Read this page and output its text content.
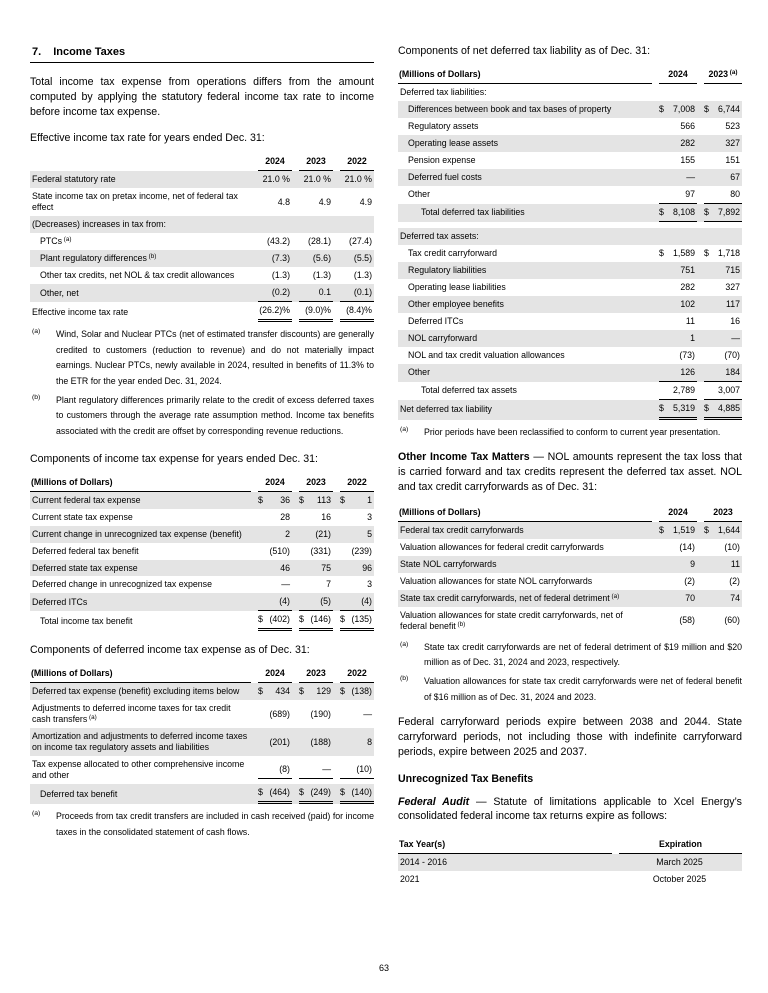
7. Income Taxes

Total income tax expense from operations differs from the amount computed by applying the statutory federal income tax rate to income before income tax expense.

Effective income tax rate for years ended Dec. 31:

	2024	2023	2022

Federal statutory rate	21.0 %	21.0 %	21.0 %

State income tax on pretax income, net of federal tax effect	4.8	4.9	4.9

(Decreases) increases in tax from:			
PTCs $^{(a)}$	(43.2)	(28.1)	(27.4)

Plant regulatory differences $^{(b)}$	(7.3)	(5.6)	(5.5)

Other tax credits, net NOL & tax credit allowances	(1.3)	(1.3)	(1.3)

Other, net	(0.2)	0.1	(0.1)

Effective income tax rate	(26.2)%	(9.0)%	(8.4)%
(a)	Wind, Solar and Nuclear PTCs (net of estimated transfer discounts) are generally credited to customers (reduction to revenue) and do not materially impact earnings. Nuclear PTCs, newly available in 2024, resulted in benefits of 11.3% to the ETR for the year ended Dec. 31, 2024.
(b)	Plant regulatory differences primarily relate to the credit of excess deferred taxes to customers through the average rate assumption method. Income tax benefits associated with the credit are offset by corresponding revenue reductions.

Components of income tax expense for years ended Dec. 31:

(Millions of Dollars)	2024	2023	2022

Current federal tax expense	$ 36	$ 113	$ 1

Current state tax expense	28	16	3

Current change in unrecognized tax expense (benefit)	2	(21)	5

Deferred federal tax benefit	(510)	(331)	(239)

Deferred state tax expense	46	75	96

Deferred change in unrecognized tax expense	—	7	3

Deferred ITCs	(4)	(5)	(4)

Total income tax benefit	$ (402)	$ (146)	$ (135)

Components of deferred income tax expense as of Dec. 31:

(Millions of Dollars)	2024	2023	2022

Deferred tax expense (benefit) excluding items below	$ 434	$ 129	$ (138)

Adjustments to deferred income taxes for tax credit cash transfers $^{(a)}$	(689)	(190)	—

Amortization and adjustments to deferred income taxes on income tax regulatory assets and liabilities	(201)	(188)	8

Tax expense allocated to other comprehensive income and other	(8)	—	(10)

Deferred tax benefit	$ (464)	$ (249)	$ (140)
(a)	Proceeds from tax credit transfers are included in cash received (paid) for income taxes in the consolidated statement of cash flows.

Components of net deferred tax liability as of Dec. 31:

(Millions of Dollars)	2024	2023 $^{(a)}$

Deferred tax liabilities:		
Differences between book and tax bases of property	$ 7,008	$ 6,744

Regulatory assets	566	523

Operating lease assets	282	327

Pension expense	155	151

Deferred fuel costs	—	67

Other	97	80

Total deferred tax liabilities	$ 8,108	$ 7,892

Deferred tax assets:		
Tax credit carryforward	$ 1,589	$ 1,718

Regulatory liabilities	751	715

Operating lease liabilities	282	327

Other employee benefits	102	117

Deferred ITCs	11	16

NOL carryforward	1	—

NOL and tax credit valuation allowances	(73)	(70)

Other	126	184

Total deferred tax assets	2,789	3,007

Net deferred tax liability	$ 5,319	$ 4,885
(a)	Prior periods have been reclassified to conform to current year presentation.

Other Income Tax Matters — NOL amounts represent the tax loss that is carried forward and tax credits represent the deferred tax asset. NOL and tax credit carryforwards as of Dec. 31:

(Millions of Dollars)	2024	2023

Federal tax credit carryforwards	$ 1,519	$ 1,644

Valuation allowances for federal credit carryforwards	(14)	(10)

State NOL carryforwards	9	11

Valuation allowances for state NOL carryforwards	(2)	(2)

State tax credit carryforwards, net of federal detriment $^{(a)}$	70	74

Valuation allowances for state credit carryforwards, net of federal benefit $^{(b)}$	(58)	(60)
(a)	State tax credit carryforwards are net of federal detriment of $19 million and $20 million as of Dec. 31, 2024 and 2023, respectively.
(b)	Valuation allowances for state tax credit carryforwards were net of federal benefit of $16 million as of Dec. 31, 2024 and 2023.

Federal carryforward periods expire between 2038 and 2044. State carryforward periods, not including those with indefinite carryforward periods, expire between 2025 and 2037.

Unrecognized Tax Benefits

Federal Audit — Statute of limitations applicable to Xcel Energy’s consolidated federal income tax returns expire as follows:

Tax Year(s)	Expiration

2014 - 2016	March 2025

2021	October 2025
63
